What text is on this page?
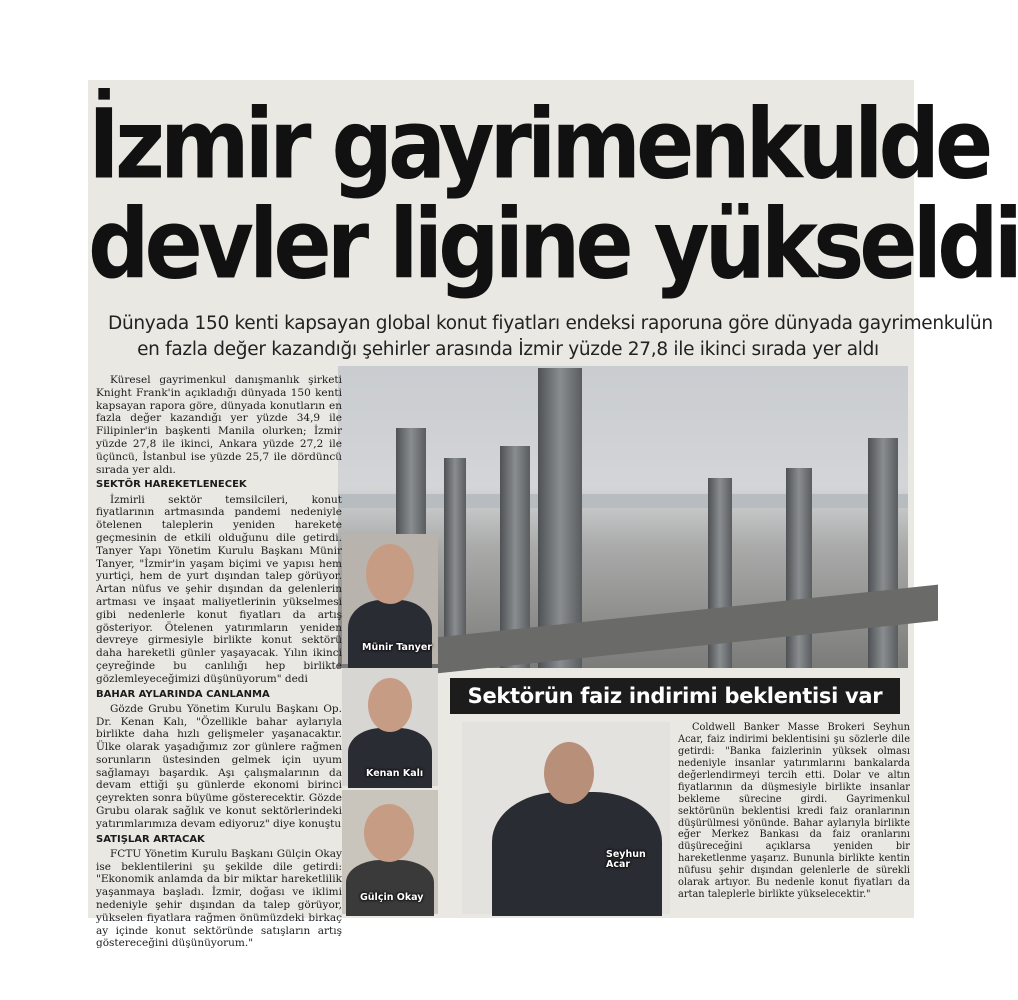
İzmir gayrimenkulde
devler ligine yükseldi
Dünyada 150 kenti kapsayan global konut fiyatları endeksi raporuna göre dünyada gayrimenkulün
en fazla değer kazandığı şehirler arasında İzmir yüzde 27,8 ile ikinci sırada yer aldı
Münir Tanyer
Kenan Kalı
Gülçin Okay
Seyhun
Acar
Sektörün faiz indirimi beklentisi var

Küresel gayrimenkul danışmanlık şirketi Knight Frank'in açıkladığı dünyada 150 kenti kapsayan rapora göre, dünyada konutların en fazla değer kazandığı yer yüzde 34,9 ile Filipinler'in başkenti Manila olurken; İzmir yüzde 27,8 ile ikinci, Ankara yüzde 27,2 ile üçüncü, İstanbul ise yüzde 25,7 ile dördüncü sırada yer aldı.

SEKTÖR HAREKETLENECEK

İzmirli sektör temsilcileri, konut fiyatlarının artmasında pandemi nedeniyle ötelenen taleplerin yeniden harekete geçmesinin de etkili olduğunu dile getirdi. Tanyer Yapı Yönetim Kurulu Başkanı Münir Tanyer, "İzmir'in yaşam biçimi ve yapısı hem yurtiçi, hem de yurt dışından talep görüyor. Artan nüfus ve şehir dışından da gelenlerin artması ve inşaat maliyetlerinin yükselmesi gibi nedenlerle konut fiyatları da artış gösteriyor. Ötelenen yatırımların yeniden devreye girmesiyle birlikte konut sektörü daha hareketli günler yaşayacak. Yılın ikinci çeyreğinde bu canlılığı hep birlikte gözlemleyeceğimizi düşünüyorum" dedi

BAHAR AYLARINDA CANLANMA

Gözde Grubu Yönetim Kurulu Başkanı Op. Dr. Kenan Kalı, "Özellikle bahar aylarıyla birlikte daha hızlı gelişmeler yaşanacaktır. Ülke olarak yaşadığımız zor günlere rağmen sorunların üstesinden gelmek için uyum sağlamayı başardık. Aşı çalışmalarının da devam ettiği şu günlerde ekonomi birinci çeyrekten sonra büyüme gösterecektir. Gözde Grubu olarak sağlık ve konut sektörlerindeki yatırımlarımıza devam ediyoruz" diye konuştu

SATIŞLAR ARTACAK

FCTU Yönetim Kurulu Başkanı Gülçin Okay ise beklentilerini şu şekilde dile getirdi: "Ekonomik anlamda da bir miktar hareketlilik yaşanmaya başladı. İzmir, doğası ve iklimi nedeniyle şehir dışından da talep görüyor, yükselen fiyatlara rağmen önümüzdeki birkaç ay içinde konut sektöründe satışların artış göstereceğini düşünüyorum."

Coldwell Banker Masse Brokeri Seyhun Acar, faiz indirimi beklentisini şu sözlerle dile getirdi: "Banka faizlerinin yüksek olması nedeniyle insanlar yatırımlarını bankalarda değerlendirmeyi tercih etti. Dolar ve altın fiyatlarının da düşmesiyle birlikte insanlar bekleme sürecine girdi. Gayrimenkul sektörünün beklentisi kredi faiz oranlarının düşürülmesi yönünde. Bahar aylarıyla birlikte eğer Merkez Bankası da faiz oranlarını düşüreceğini açıklarsa yeniden bir hareketlenme yaşarız. Bununla birlikte kentin nüfusu şehir dışından gelenlerle de sürekli olarak artıyor. Bu nedenle konut fiyatları da artan taleplerle birlikte yükselecektir."
